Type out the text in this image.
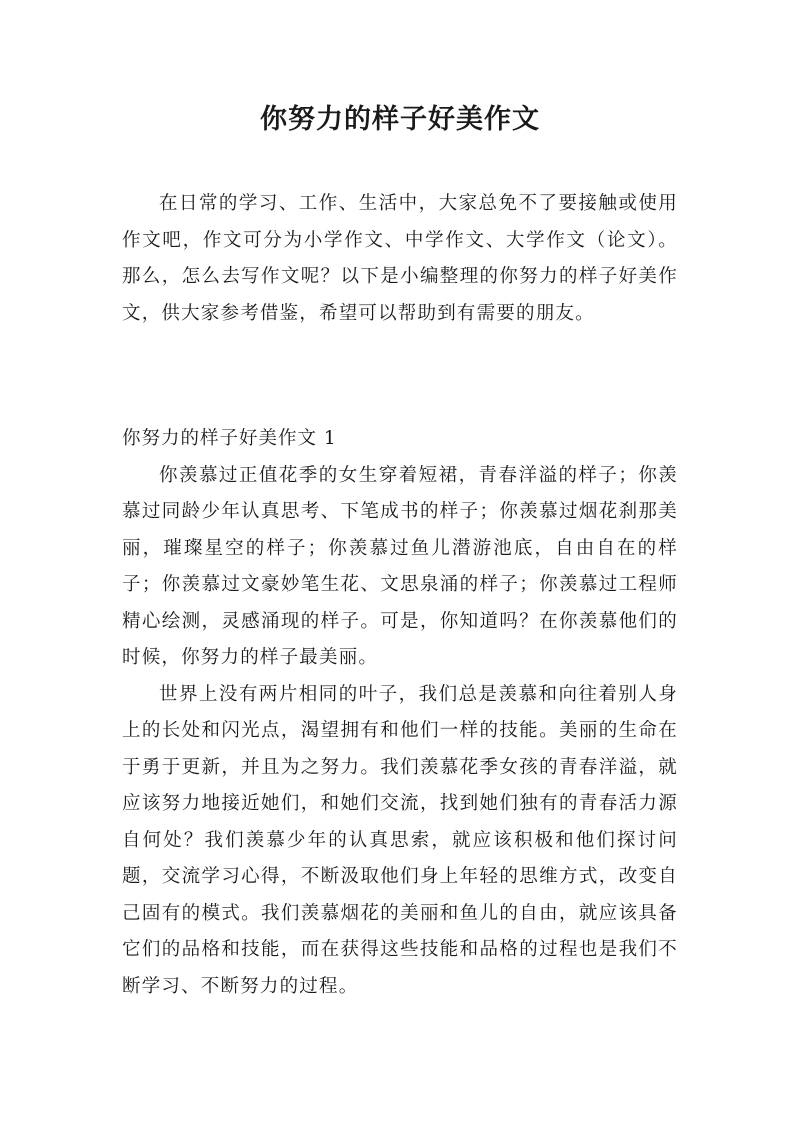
你努力的样子好美作文

在日常的学习、工作、生活中，大家总免不了要接触或使用作文吧，作文可分为小学作文、中学作文、大学作文（论文）。那么，怎么去写作文呢？以下是小编整理的你努力的样子好美作文，供大家参考借鉴，希望可以帮助到有需要的朋友。

你努力的样子好美作文 1

你羡慕过正值花季的女生穿着短裙，青春洋溢的样子；你羡慕过同龄少年认真思考、下笔成书的样子；你羡慕过烟花刹那美丽，璀璨星空的样子；你羡慕过鱼儿潜游池底，自由自在的样子；你羡慕过文豪妙笔生花、文思泉涌的样子；你羡慕过工程师精心绘测，灵感涌现的样子。可是，你知道吗？在你羡慕他们的时候，你努力的样子最美丽。

世界上没有两片相同的叶子，我们总是羡慕和向往着别人身上的长处和闪光点，渴望拥有和他们一样的技能。美丽的生命在于勇于更新，并且为之努力。我们羡慕花季女孩的青春洋溢，就应该努力地接近她们，和她们交流，找到她们独有的青春活力源自何处？我们羡慕少年的认真思索，就应该积极和他们探讨问题，交流学习心得，不断汲取他们身上年轻的思维方式，改变自己固有的模式。我们羡慕烟花的美丽和鱼儿的自由，就应该具备它们的品格和技能，而在获得这些技能和品格的过程也是我们不断学习、不断努力的过程。
